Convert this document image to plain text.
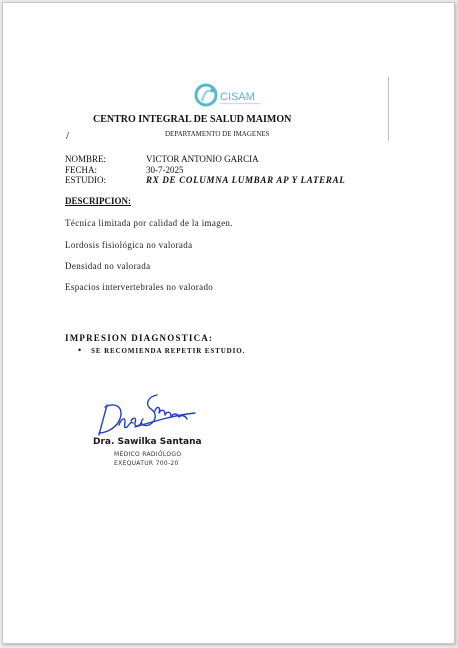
CISAM
CENTRO INTEGRAL DE SALUD MAIMON
/	DEPARTAMENTO DE IMAGENES
NOMBRE:	VICTOR ANTONIO GARCIA
FECHA:	30-7-2025
ESTUDIO:	RX DE COLUMNA LUMBAR AP Y LATERAL
DESCRIPCION:
Técnica limitada por calidad de la imagen.
Lordosis fisiológica no valorada
Densidad no valorada
Espacios intervertebrales no valorado
IMPRESION DIAGNOSTICA:
• SE RECOMIENDA REPETIR ESTUDIO.
Dra. Sawilka Santana
MÉDICO RADIÓLOGO
EXEQUATUR 700-20
